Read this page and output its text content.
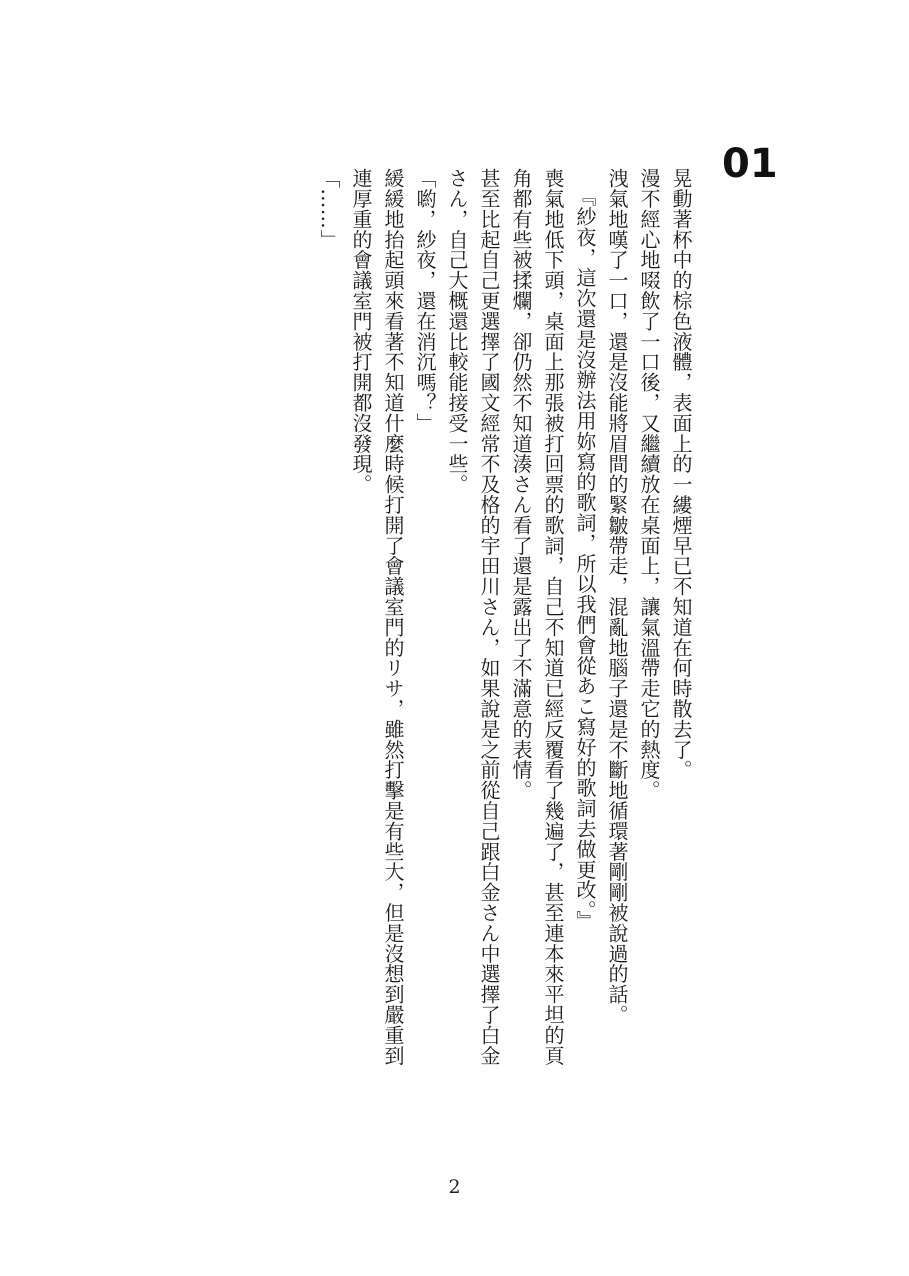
01

晃動著杯中的棕色液體，表面上的一縷煙早已不知道在何時散去了。

漫不經心地啜飲了一口後，又繼續放在桌面上，讓氣溫帶走它的熱度。

洩氣地嘆了一口，還是沒能將眉間的緊皺帶走，混亂地腦子還是不斷地循環著剛剛被說過的話。

『紗夜，這次還是沒辦法用妳寫的歌詞，所以我們會從あこ寫好的歌詞去做更改。』

喪氣地低下頭，桌面上那張被打回票的歌詞，自己不知道已經反覆看了幾遍了，甚至連本來平坦的頁角都有些被揉爛，卻仍然不知道湊さん看了還是露出了不滿意的表情。

甚至比起自己更選擇了國文經常不及格的宇田川さん，如果說是之前從自己跟白金さん中選擇了白金さん，自己大概還比較能接受一些。

「喲，紗夜，還在消沉嗎？」

緩緩地抬起頭來看著不知道什麼時候打開了會議室門的リサ，雖然打擊是有些大，但是沒想到嚴重到連厚重的會議室門被打開都沒發現。

「……」

2
